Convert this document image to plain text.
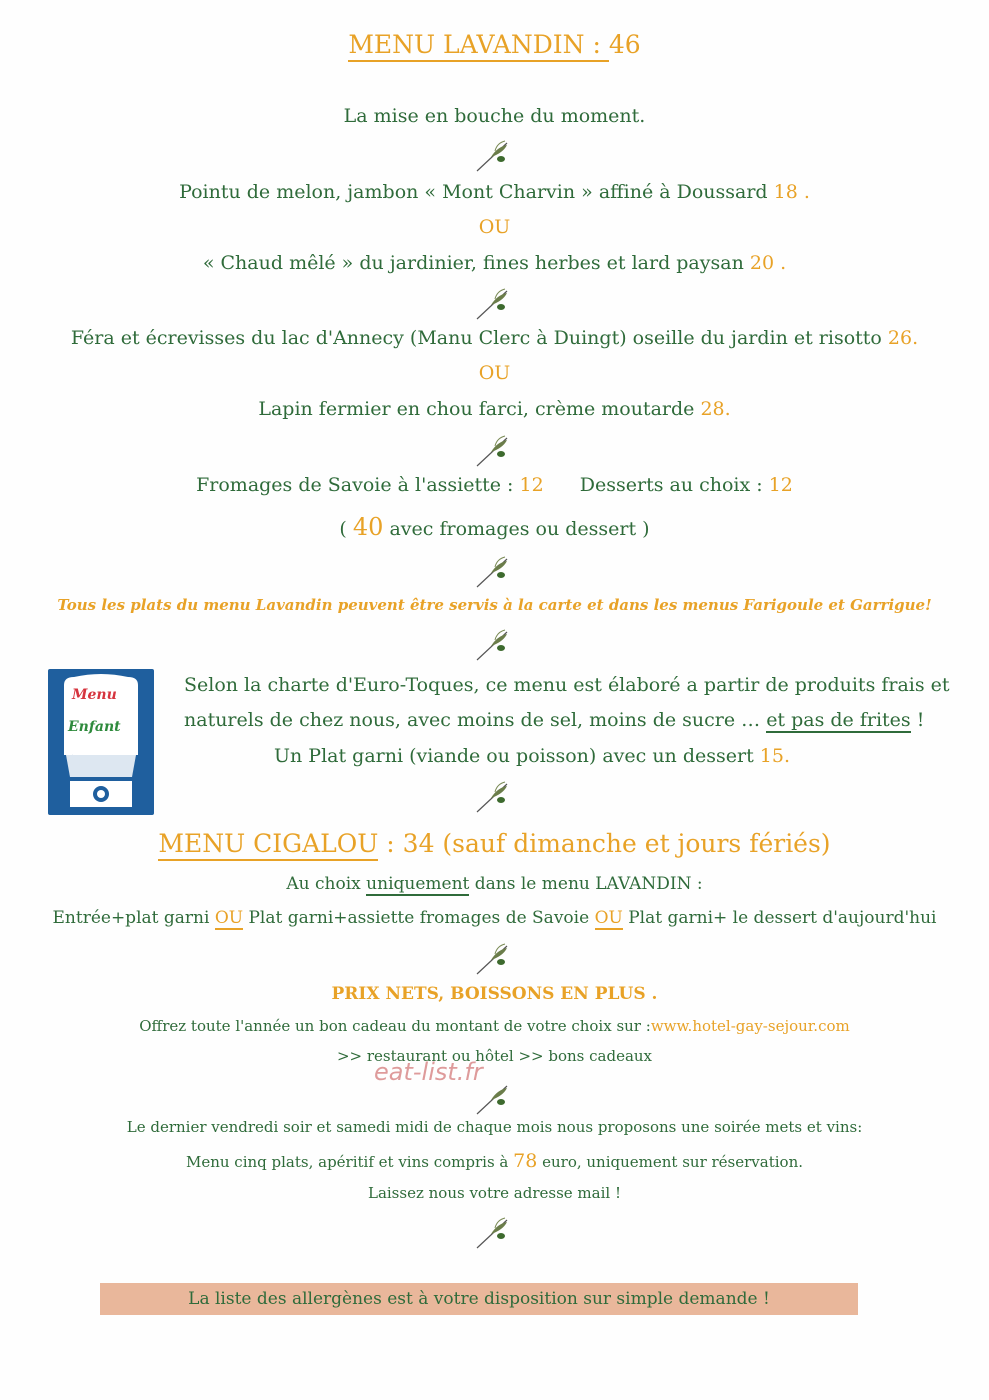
MENU LAVANDIN : 46
La mise en bouche du moment.
Pointu de melon, jambon « Mont Charvin » affiné à Doussard 18 .
OU
« Chaud mêlé » du jardinier, fines herbes et lard paysan 20 .
Féra et écrevisses du lac d'Annecy (Manu Clerc à Duingt) oseille du jardin et risotto 26.
OU
Lapin fermier en chou farci, crème moutarde 28.
Fromages de Savoie à l'assiette : 12 Desserts au choix : 12
( 40 avec fromages ou dessert )
Tous les plats du menu Lavandin peuvent être servis à la carte et dans les menus Farigoule et Garrigue!
Menu
Enfant
Selon la charte d'Euro-Toques, ce menu est élaboré a partir de produits frais et
naturels de chez nous, avec moins de sel, moins de sucre … et pas de frites !
Un Plat garni (viande ou poisson) avec un dessert 15.
MENU CIGALOU : 34 (sauf dimanche et jours fériés)
Au choix uniquement dans le menu LAVANDIN :
Entrée+plat garni OU Plat garni+assiette fromages de Savoie OU Plat garni+ le dessert d'aujourd'hui
PRIX NETS, BOISSONS EN PLUS .
Offrez toute l'année un bon cadeau du montant de votre choix sur :www.hotel-gay-sejour.com
>> restaurant ou hôtel >> bons cadeaux
eat-list.fr
Le dernier vendredi soir et samedi midi de chaque mois nous proposons une soirée mets et vins:
Menu cinq plats, apéritif et vins compris à 78 euro, uniquement sur réservation.
Laissez nous votre adresse mail !
La liste des allergènes est à votre disposition sur simple demande !
